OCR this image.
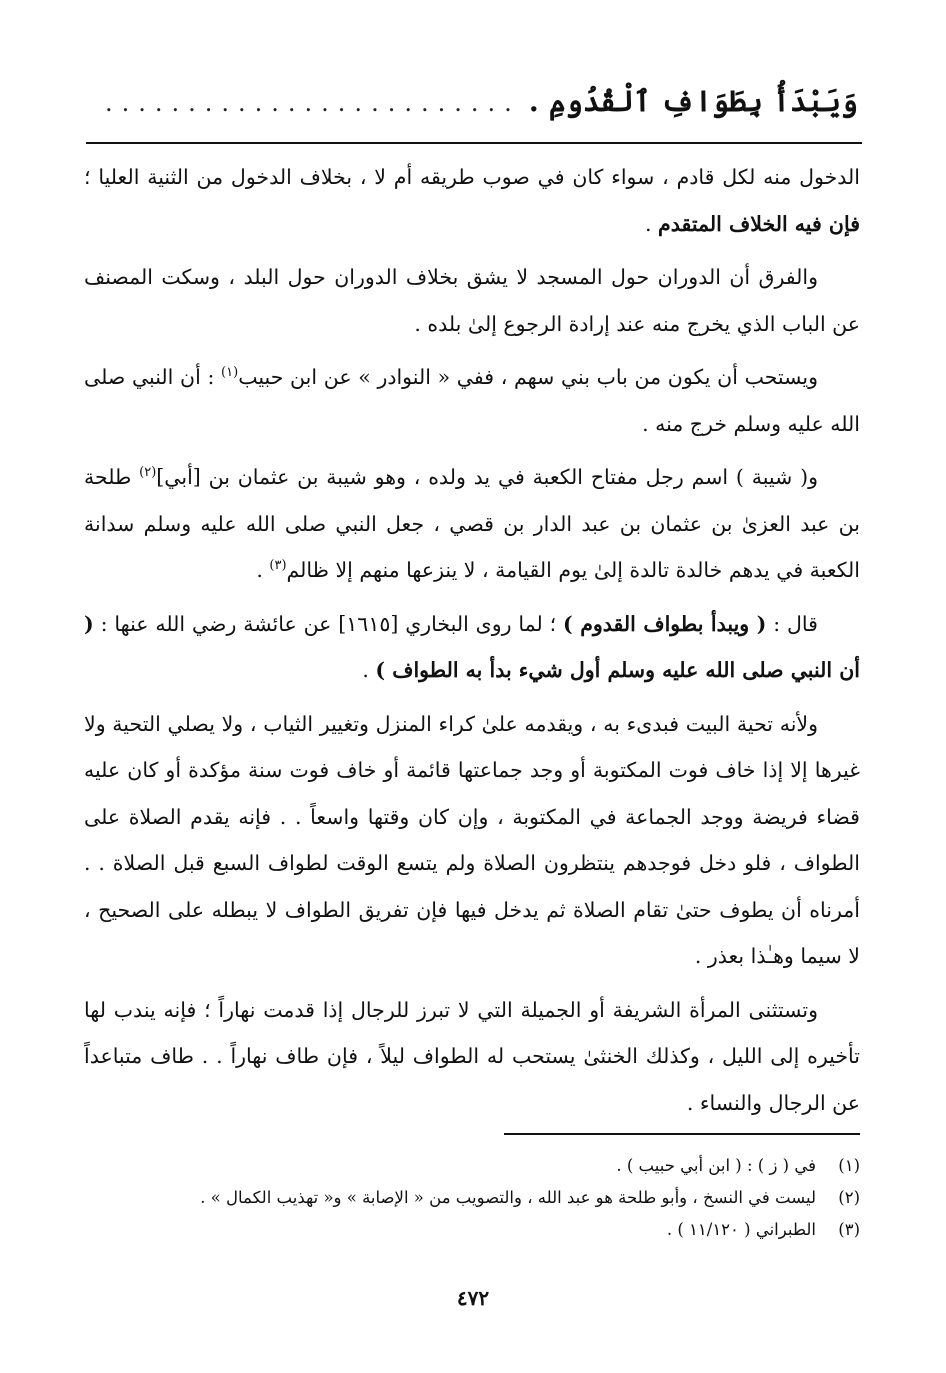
وَيَبْدَأُ بِطَوَافِ ٱلْقُدُومِ .
.........................

الدخول منه لكل قادم ، سواء كان في صوب طريقه أم لا ، بخلاف الدخول من الثنية العليا ؛ فإن فيه الخلاف المتقدم .

والفرق أن الدوران حول المسجد لا يشق بخلاف الدوران حول البلد ، وسكت المصنف عن الباب الذي يخرج منه عند إرادة الرجوع إلىٰ بلده .

ويستحب أن يكون من باب بني سهم ، ففي « النوادر » عن ابن حبيب$^{(١)}$ : أن النبي صلى الله عليه وسلم خرج منه .

و( شيبة ) اسم رجل مفتاح الكعبة في يد ولده ، وهو شيبة بن عثمان بن [أبي]$^{(٢)}$ طلحة بن عبد العزىٰ بن عثمان بن عبد الدار بن قصي ، جعل النبي صلى الله عليه وسلم سدانة الكعبة في يدهم خالدة تالدة إلىٰ يوم القيامة ، لا ينزعها منهم إلا ظالم$^{(٣)}$ .

قال : ( ويبدأ بطواف القدوم ) ؛ لما روى البخاري [١٦١٥] عن عائشة رضي الله عنها : ( أن النبي صلى الله عليه وسلم أول شيء بدأ به الطواف ) .

ولأنه تحية البيت فبدىء به ، ويقدمه علىٰ كراء المنزل وتغيير الثياب ، ولا يصلي التحية ولا غيرها إلا إذا خاف فوت المكتوبة أو وجد جماعتها قائمة أو خاف فوت سنة مؤكدة أو كان عليه قضاء فريضة ووجد الجماعة في المكتوبة ، وإن كان وقتها واسعاً . . فإنه يقدم الصلاة على الطواف ، فلو دخل فوجدهم ينتظرون الصلاة ولم يتسع الوقت لطواف السبع قبل الصلاة . . أمرناه أن يطوف حتىٰ تقام الصلاة ثم يدخل فيها فإن تفريق الطواف لا يبطله على الصحيح ، لا سيما وهـٰذا بعذر .

وتستثنى المرأة الشريفة أو الجميلة التي لا تبرز للرجال إذا قدمت نهاراً ؛ فإنه يندب لها تأخيره إلى الليل ، وكذلك الخنثىٰ يستحب له الطواف ليلاً ، فإن طاف نهاراً . . طاف متباعداً عن الرجال والنساء .

(١)
في ( ز ) : ( ابن أبي حبيب ) .
(٢)
ليست في النسخ ، وأبو طلحة هو عبد الله ، والتصويب من « الإصابة » و« تهذيب الكمال » .
(٣)
الطبراني ( ١١/١٢٠ ) .
٤٧٢
